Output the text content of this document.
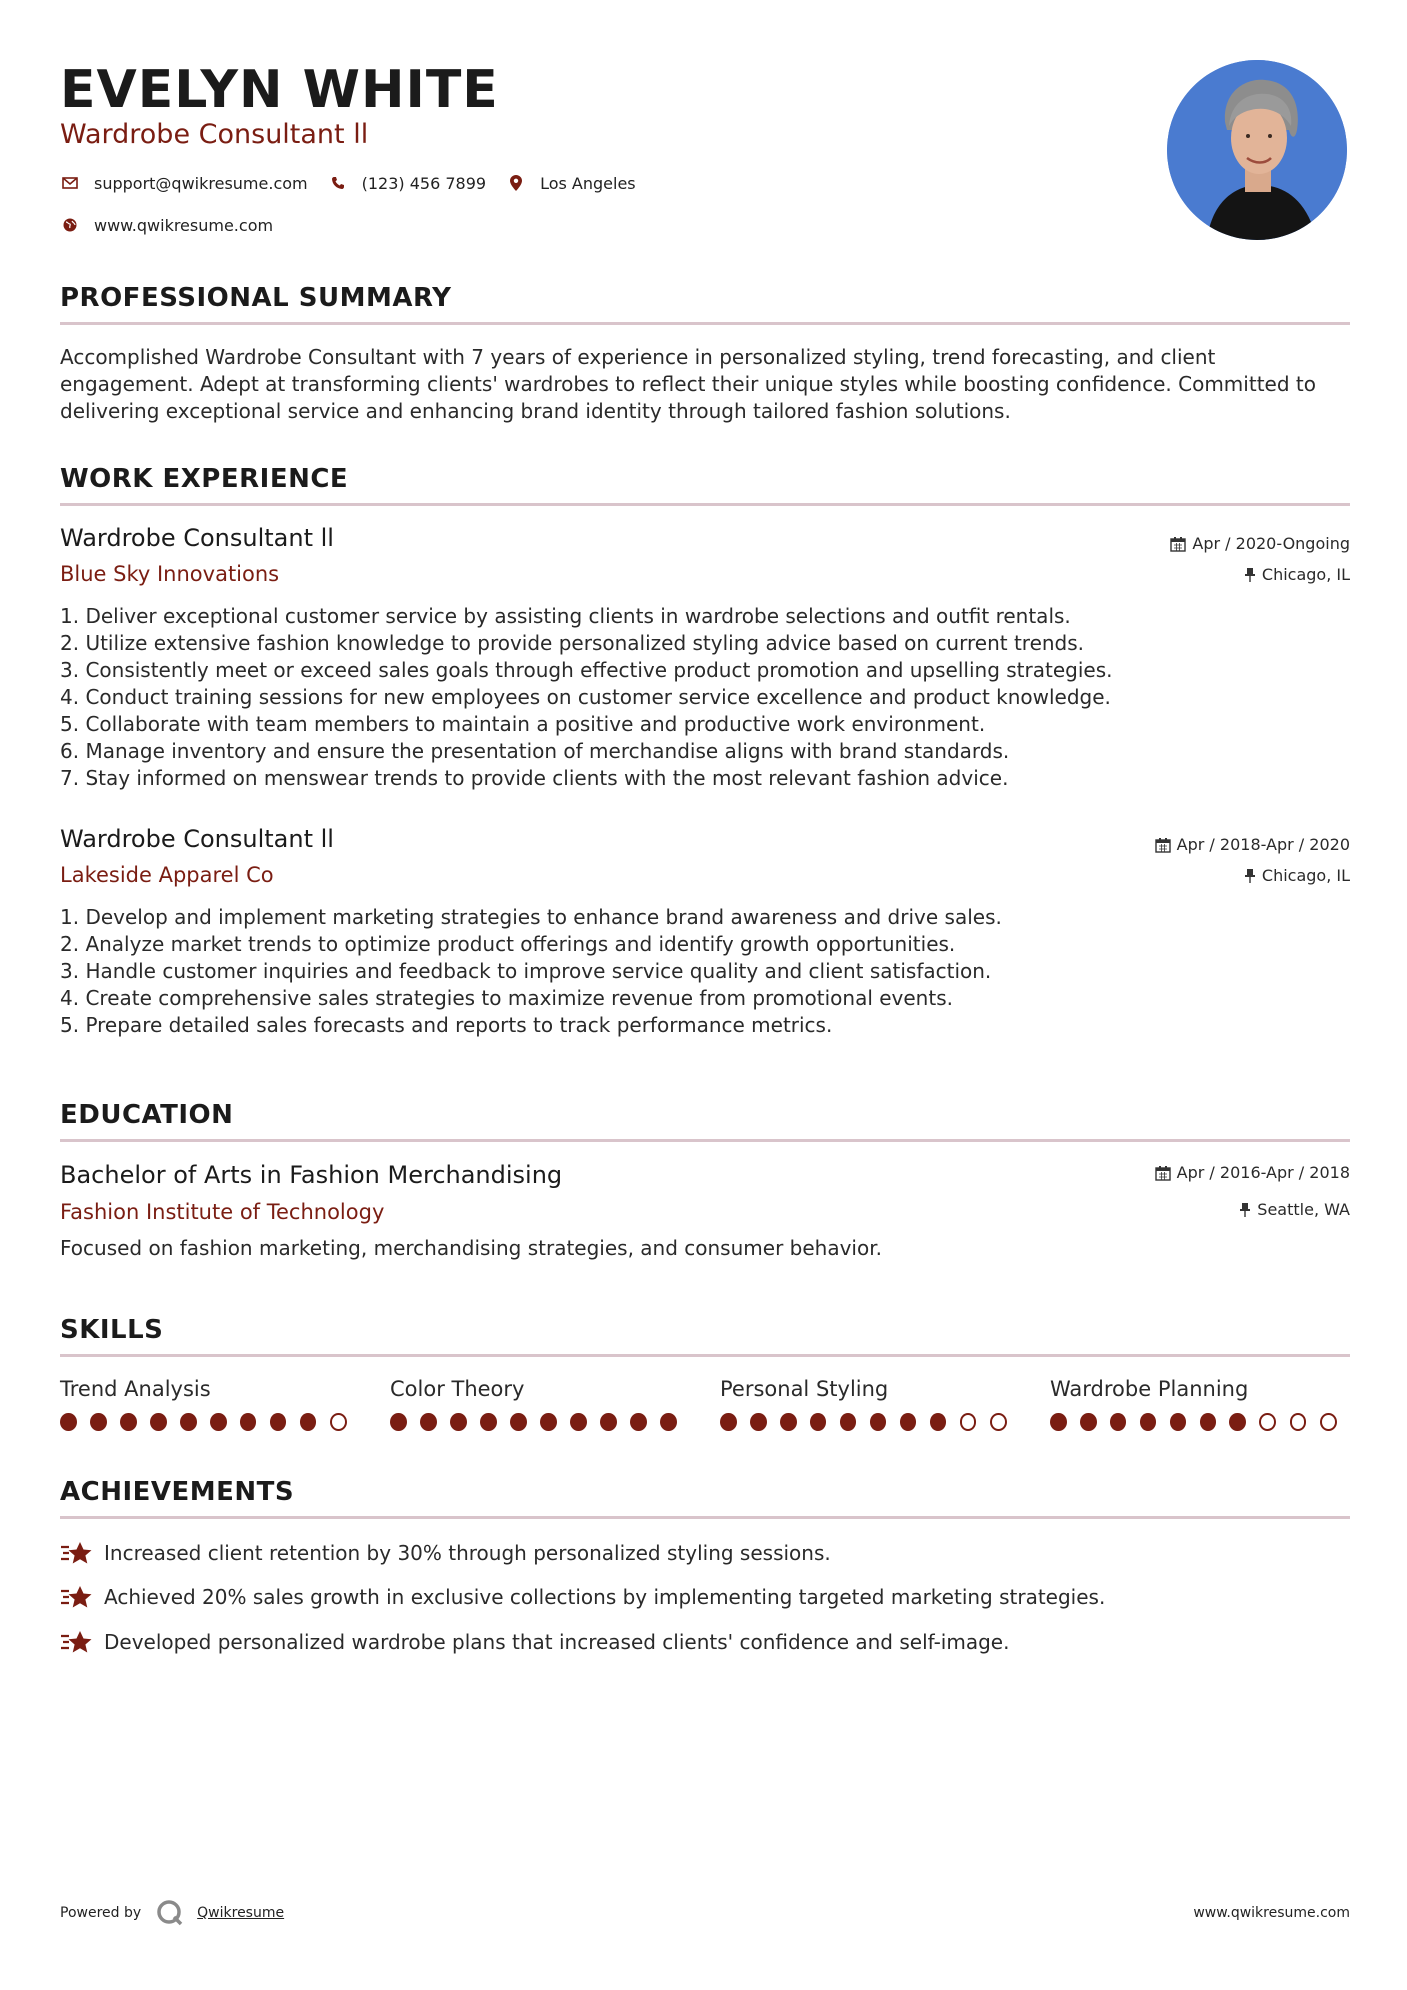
EVELYN WHITE
Wardrobe Consultant ll
support@qwikresume.com	(123) 456 7899	Los Angeles
www.qwikresume.com
PROFESSIONAL SUMMARY
Accomplished Wardrobe Consultant with 7 years of experience in personalized styling, trend forecasting, and client engagement. Adept at transforming clients' wardrobes to reflect their unique styles while boosting confidence. Committed to delivering exceptional service and enhancing brand identity through tailored fashion solutions.
WORK EXPERIENCE
Wardrobe Consultant ll
Blue Sky Innovations
Apr / 2020-Ongoing
Chicago, IL
1. Deliver exceptional customer service by assisting clients in wardrobe selections and outfit rentals.
2. Utilize extensive fashion knowledge to provide personalized styling advice based on current trends.
3. Consistently meet or exceed sales goals through effective product promotion and upselling strategies.
4. Conduct training sessions for new employees on customer service excellence and product knowledge.
5. Collaborate with team members to maintain a positive and productive work environment.
6. Manage inventory and ensure the presentation of merchandise aligns with brand standards.
7. Stay informed on menswear trends to provide clients with the most relevant fashion advice.
Wardrobe Consultant ll
Lakeside Apparel Co
Apr / 2018-Apr / 2020
Chicago, IL
1. Develop and implement marketing strategies to enhance brand awareness and drive sales.
2. Analyze market trends to optimize product offerings and identify growth opportunities.
3. Handle customer inquiries and feedback to improve service quality and client satisfaction.
4. Create comprehensive sales strategies to maximize revenue from promotional events.
5. Prepare detailed sales forecasts and reports to track performance metrics.
EDUCATION
Bachelor of Arts in Fashion Merchandising
Fashion Institute of Technology
Apr / 2016-Apr / 2018
Seattle, WA
Focused on fashion marketing, merchandising strategies, and consumer behavior.
SKILLS
Trend Analysis	Color Theory	Personal Styling	Wardrobe Planning
ACHIEVEMENTS
Increased client retention by 30% through personalized styling sessions.
Achieved 20% sales growth in exclusive collections by implementing targeted marketing strategies.
Developed personalized wardrobe plans that increased clients' confidence and self-image.
Powered by	Qwikresume	www.qwikresume.com
